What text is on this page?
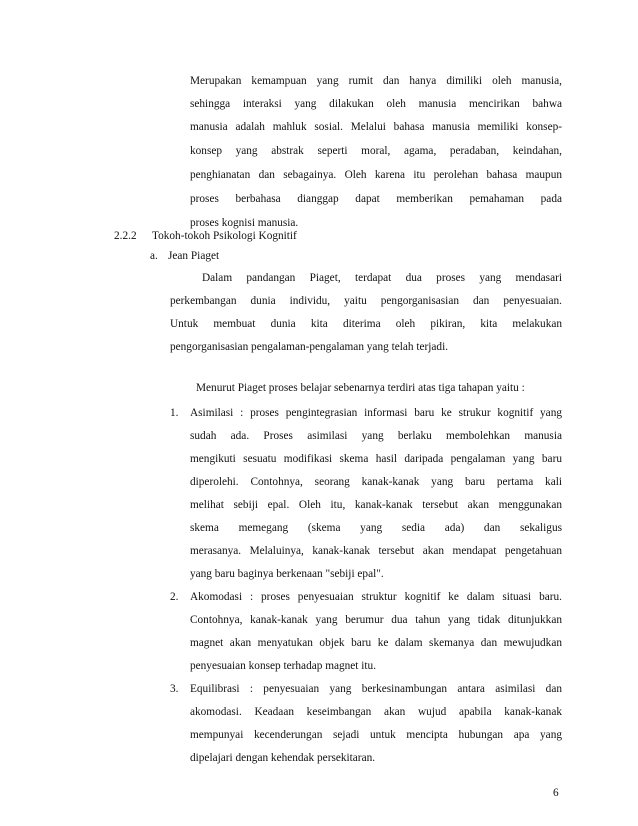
Merupakan kemampuan yang rumit dan hanya dimiliki oleh manusia,
sehingga interaksi yang dilakukan oleh manusia mencirikan bahwa
manusia adalah mahluk sosial. Melalui bahasa manusia memiliki konsep-
konsep yang abstrak seperti moral, agama, peradaban, keindahan,
penghianatan dan sebagainya. Oleh karena itu perolehan bahasa maupun
proses berbahasa dianggap dapat memberikan pemahaman pada
proses kognisi manusia.
2.2.2 Tokoh-tokoh Psikologi Kognitif
a. Jean Piaget
Dalam pandangan Piaget, terdapat dua proses yang mendasari
perkembangan dunia individu, yaitu pengorganisasian dan penyesuaian.
Untuk membuat dunia kita diterima oleh pikiran, kita melakukan
pengorganisasian pengalaman-pengalaman yang telah terjadi.
Menurut Piaget proses belajar sebenarnya terdiri atas tiga tahapan yaitu :
1. Asimilasi : proses pengintegrasian informasi baru ke strukur kognitif yang
sudah ada. Proses asimilasi yang berlaku membolehkan manusia
mengikuti sesuatu modifikasi skema hasil daripada pengalaman yang baru
diperolehi. Contohnya, seorang kanak-kanak yang baru pertama kali
melihat sebiji epal. Oleh itu, kanak-kanak tersebut akan menggunakan
skema memegang (skema yang sedia ada) dan sekaligus
merasanya. Melaluinya, kanak-kanak tersebut akan mendapat pengetahuan
yang baru baginya berkenaan "sebiji epal".
2. Akomodasi : proses penyesuaian struktur kognitif ke dalam situasi baru.
Contohnya, kanak-kanak yang berumur dua tahun yang tidak ditunjukkan
magnet akan menyatukan objek baru ke dalam skemanya dan mewujudkan
penyesuaian konsep terhadap magnet itu.
3. Equilibrasi : penyesuaian yang berkesinambungan antara asimilasi dan
akomodasi. Keadaan keseimbangan akan wujud apabila kanak-kanak
mempunyai kecenderungan sejadi untuk mencipta hubungan apa yang
dipelajari dengan kehendak persekitaran.
6
